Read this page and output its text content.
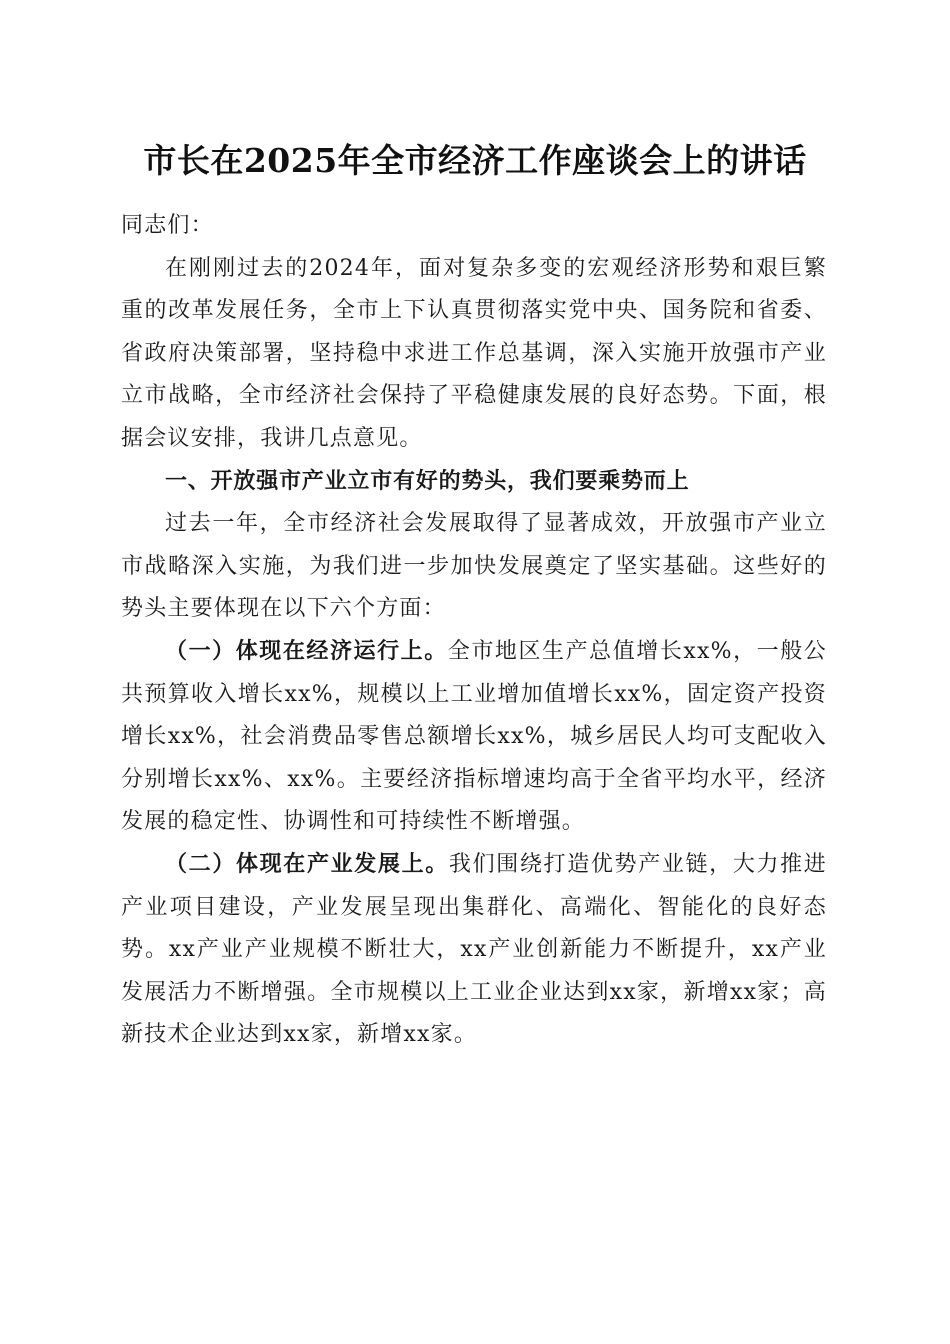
市长在2025年全市经济工作座谈会上的讲话

同志们：

在刚刚过去的2024年，面对复杂多变的宏观经济形势和艰巨繁重的改革发展任务，全市上下认真贯彻落实党中央、国务院和省委、省政府决策部署，坚持稳中求进工作总基调，深入实施开放强市产业立市战略，全市经济社会保持了平稳健康发展的良好态势。下面，根据会议安排，我讲几点意见。

一、开放强市产业立市有好的势头，我们要乘势而上

过去一年，全市经济社会发展取得了显著成效，开放强市产业立市战略深入实施，为我们进一步加快发展奠定了坚实基础。这些好的势头主要体现在以下六个方面：

（一）体现在经济运行上。全市地区生产总值增长xx%，一般公共预算收入增长xx%，规模以上工业增加值增长xx%，固定资产投资增长xx%，社会消费品零售总额增长xx%，城乡居民人均可支配收入分别增长xx%、xx%。主要经济指标增速均高于全省平均水平，经济发展的稳定性、协调性和可持续性不断增强。

（二）体现在产业发展上。我们围绕打造优势产业链，大力推进产业项目建设，产业发展呈现出集群化、高端化、智能化的良好态势。xx产业产业规模不断壮大，xx产业创新能力不断提升，xx产业发展活力不断增强。全市规模以上工业企业达到xx家，新增xx家；高新技术企业达到xx家，新增xx家。
